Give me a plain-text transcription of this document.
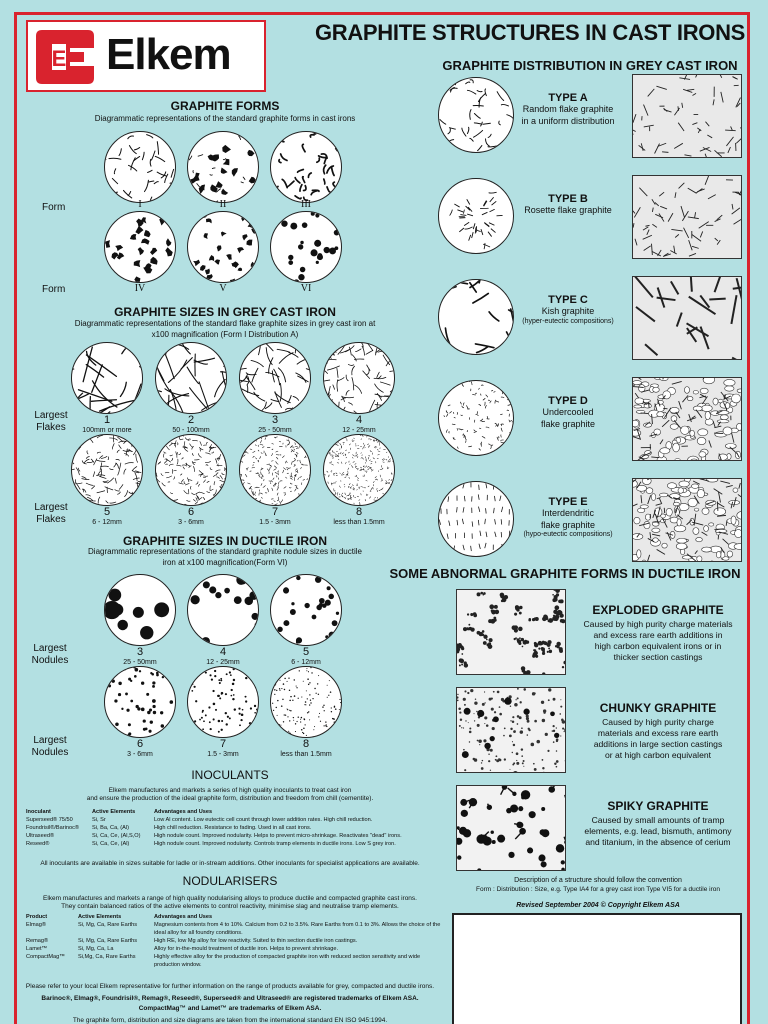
E Elkem	GRAPHITE STRUCTURES IN CAST IRONS
GRAPHITE DISTRIBUTION IN GREY CAST IRON
GRAPHITE FORMS
Diagrammatic representations of the standard graphite forms in cast irons
Form
Form
I	II	III
IV	V	VI
GRAPHITE SIZES IN GREY CAST IRON
Diagrammatic representations of the standard flake graphite sizes in grey cast iron at
x100 magnification (Form I Distribution A)
Largest
Flakes
Largest
Flakes
1
100mm or more
2
50 - 100mm
3
25 - 50mm
4
12 - 25mm
5
6 - 12mm
6
3 - 6mm
7
1.5 - 3mm
8
less than 1.5mm
GRAPHITE SIZES IN DUCTILE IRON
Diagrammatic representations of the standard graphite nodule sizes in ductile
iron at x100 magnification(Form VI)
Largest
Nodules
Largest
Nodules
3
25 - 50mm
4
12 - 25mm
5
6 - 12mm
6
3 - 6mm
7
1.5 - 3mm
8
less than 1.5mm
INOCULANTS
Elkem manufactures and markets a series of high quality inoculants to treat cast iron
and ensure the production of the ideal graphite form, distribution and freedom from chill (cementite).
Inoculant	Active Elements	Advantages and Uses
Superseed® 75/50	Si, Sr	Low Al content. Low eutectic cell count through lower addition rates. High chill reduction.
Foundrisil®/Barinoc®	Si, Ba, Ca, (Al)	High chill reduction. Resistance to fading. Used in all cast irons.
Ultraseed®	Si, Ca, Ce, (Al,S,O)	High nodule count. Improved nodularity. Helps to prevent micro-shrinkage. Reactivates "dead" irons.
Reseed®	Si, Ca, Ce, (Al)	High nodule count. Improved nodularity. Controls tramp elements in ductile irons. Low S grey iron.
All inoculants are available in sizes suitable for ladle or in-stream additions. Other inoculants for specialist applications are available.
NODULARISERS
Elkem manufactures and markets a range of high quality nodularising alloys to produce ductile and compacted graphite cast irons.
They contain balanced ratios of the active elements to control reactivity, minimise slag and neutralise tramp elements.
Product	Active Elements	Advantages and Uses
Elmag®	Si, Mg, Ca, Rare Earths	Magnesium contents from 4 to 10%. Calcium from 0.2 to 3.5%. Rare Earths from 0.1 to 3%. Allows the choice of the ideal alloy for all foundry conditions.
Remag®	Si, Mg, Ca, Rare Earths	High RE, low Mg alloy for low reactivity. Suited to thin section ductile iron castings.
Lamet™	Si, Mg, Ca, La	Alloy for in-the-mould treatment of ductile iron. Helps to prevent shrinkage.
CompactMag™	Si,Mg, Ca, Rare Earths	Highly effective alloy for the production of compacted graphite iron with reduced section sensitivity and wide production window.
Please refer to your local Elkem representative for further information on the range of products available for grey, compacted and ductile irons.
Barinoc®, Elmag®, Foundrisil®, Remag®, Reseed®, Superseed® and Ultraseed® are registered trademarks of Elkem ASA.
CompactMag™ and Lamet™ are trademarks of Elkem ASA.
The graphite form, distribution and size diagrams are taken from the international standard EN ISO 945:1994.
TYPE A
Random flake graphite
in a uniform distribution
TYPE B
Rosette flake graphite
TYPE C
Kish graphite
(hyper-eutectic compositions)
TYPE D
Undercooled
flake graphite
TYPE E
Interdendritic
flake graphite
(hypo-eutectic compositions)
SOME ABNORMAL GRAPHITE FORMS IN DUCTILE IRON
EXPLODED GRAPHITE
Caused by high purity charge materials
and excess rare earth additions in
high carbon equivalent irons or in
thicker section castings
CHUNKY GRAPHITE
Caused by high purity charge
materials and excess rare earth
additions in large section castings
or at high carbon equivalent
SPIKY GRAPHITE
Caused by small amounts of tramp
elements, e.g. lead, bismuth, antimony
and titanium, in the absence of cerium
Description of a structure should follow the convention
Form : Distribution : Size, e.g. Type IA4 for a grey cast iron Type VI5 for a ductile iron
Revised September 2004 © Copyright Elkem ASA
